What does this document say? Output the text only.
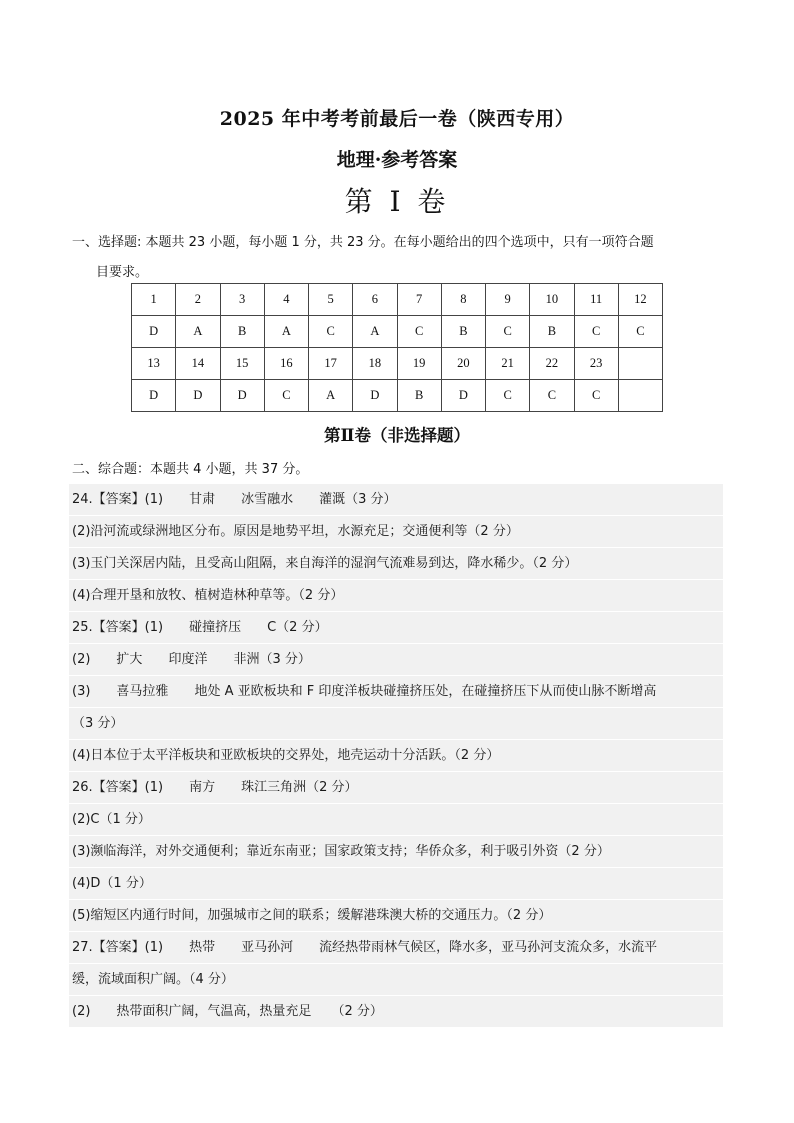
2025 年中考考前最后一卷（陕西专用）
地理·参考答案
第 I 卷
一、选择题: 本题共 23 小题，每小题 1 分，共 23 分。在每小题给出的四个选项中，只有一项符合题
目要求。
1	2	3	4	5	6	7	8	9	10	11	12
D	A	B	A	C	A	C	B	C	B	C	C
13	14	15	16	17	18	19	20	21	22	23	
D	D	D	C	A	D	B	D	C	C	C	
第Ⅱ卷（非选择题）
二、综合题：本题共 4 小题，共 37 分。
24.【答案】(1) 甘肃 冰雪融水 灌溉（3 分）
(2)沿河流或绿洲地区分布。原因是地势平坦，水源充足；交通便利等（2 分）
(3)玉门关深居内陆，且受高山阻隔，来自海洋的湿润气流难易到达，降水稀少。（2 分）
(4)合理开垦和放牧、植树造林种草等。（2 分）
25.【答案】(1) 碰撞挤压 C（2 分）
(2) 扩大 印度洋 非洲（3 分）
(3) 喜马拉雅 地处 A 亚欧板块和 F 印度洋板块碰撞挤压处，在碰撞挤压下从而使山脉不断增高
（3 分）
(4)日本位于太平洋板块和亚欧板块的交界处，地壳运动十分活跃。（2 分）
26.【答案】(1) 南方 珠江三角洲（2 分）
(2)C（1 分）
(3)濒临海洋，对外交通便利；靠近东南亚；国家政策支持；华侨众多，利于吸引外资（2 分）
(4)D（1 分）
(5)缩短区内通行时间，加强城市之间的联系；缓解港珠澳大桥的交通压力。（2 分）
27.【答案】(1) 热带 亚马孙河 流经热带雨林气候区，降水多，亚马孙河支流众多，水流平
缓，流域面积广阔。（4 分）
(2) 热带面积广阔，气温高，热量充足 （2 分）
